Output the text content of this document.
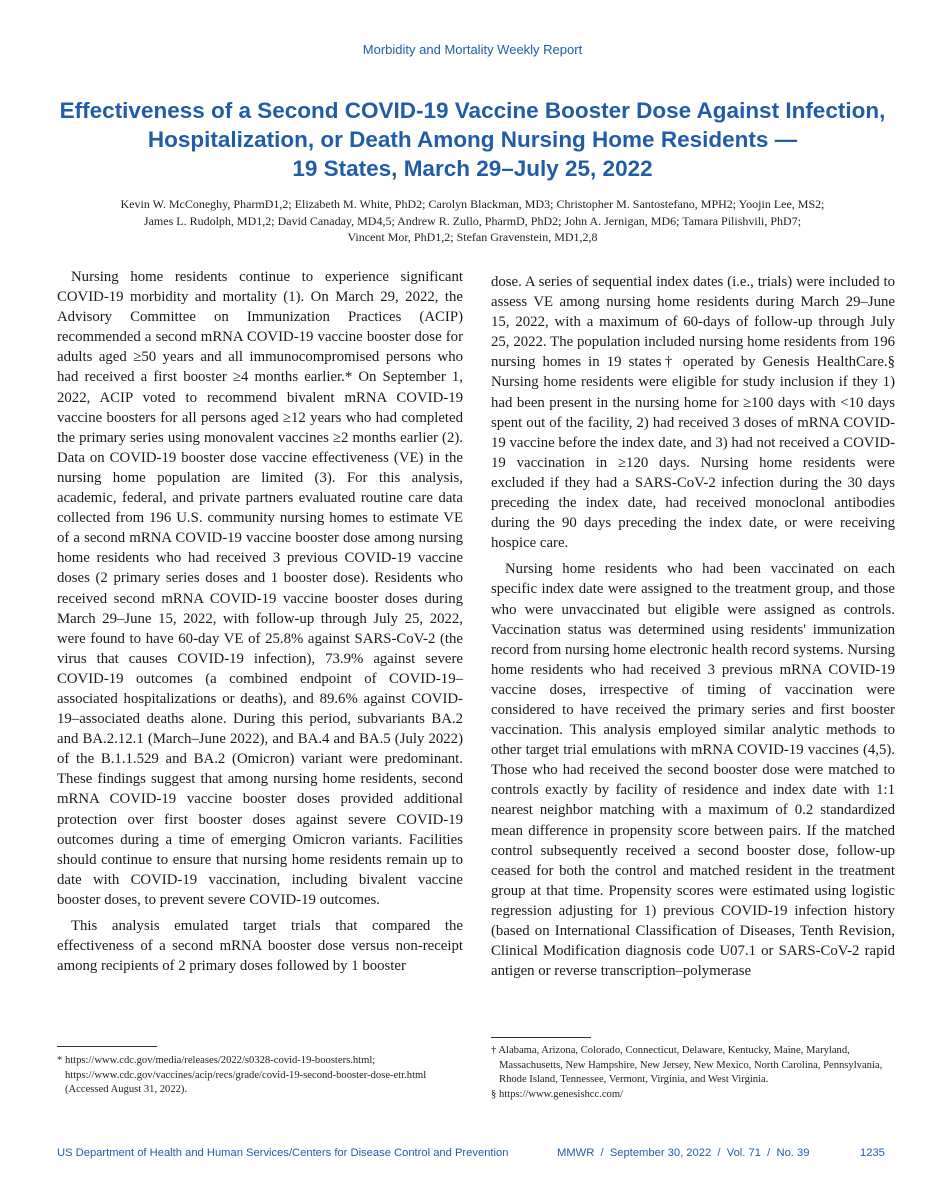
Morbidity and Mortality Weekly Report
Effectiveness of a Second COVID-19 Vaccine Booster Dose Against Infection,
Hospitalization, or Death Among Nursing Home Residents —
19 States, March 29–July 25, 2022
Kevin W. McConeghy, PharmD1,2; Elizabeth M. White, PhD2; Carolyn Blackman, MD3; Christopher M. Santostefano, MPH2; Yoojin Lee, MS2;
James L. Rudolph, MD1,2; David Canaday, MD4,5; Andrew R. Zullo, PharmD, PhD2; John A. Jernigan, MD6; Tamara Pilishvili, PhD7;
Vincent Mor, PhD1,2; Stefan Gravenstein, MD1,2,8

Nursing home residents continue to experience significant COVID-19 morbidity and mortality (1). On March 29, 2022, the Advisory Committee on Immunization Practices (ACIP) recommended a second mRNA COVID-19 vaccine booster dose for adults aged ≥50 years and all immunocompromised persons who had received a first booster ≥4 months earlier.* On September 1, 2022, ACIP voted to recommend bivalent mRNA COVID-19 vaccine boosters for all persons aged ≥12 years who had completed the primary series using monovalent vaccines ≥2 months earlier (2). Data on COVID-19 booster dose vaccine effectiveness (VE) in the nursing home population are limited (3). For this analysis, academic, federal, and private partners evaluated routine care data collected from 196 U.S. community nursing homes to estimate VE of a second mRNA COVID-19 vaccine booster dose among nursing home residents who had received 3 previous COVID-19 vaccine doses (2 primary series doses and 1 booster dose). Residents who received second mRNA COVID-19 vaccine booster doses during March 29–June 15, 2022, with follow-up through July 25, 2022, were found to have 60-day VE of 25.8% against SARS-CoV-2 (the virus that causes COVID-19 infection), 73.9% against severe COVID-19 outcomes (a combined endpoint of COVID-19–associated hospitalizations or deaths), and 89.6% against COVID-19–associated deaths alone. During this period, subvariants BA.2 and BA.2.12.1 (March–June 2022), and BA.4 and BA.5 (July 2022) of the B.1.1.529 and BA.2 (Omicron) variant were predominant. These findings suggest that among nursing home residents, second mRNA COVID-19 vaccine booster doses provided additional protection over first booster doses against severe COVID-19 outcomes during a time of emerging Omicron variants. Facilities should continue to ensure that nursing home residents remain up to date with COVID-19 vaccination, including bivalent vaccine booster doses, to prevent severe COVID-19 outcomes.

This analysis emulated target trials that compared the effectiveness of a second mRNA booster dose versus non-receipt among recipients of 2 primary doses followed by 1 booster

dose. A series of sequential index dates (i.e., trials) were included to assess VE among nursing home residents during March 29–June 15, 2022, with a maximum of 60-days of follow-up through July 25, 2022. The population included nursing home residents from 196 nursing homes in 19 states† operated by Genesis HealthCare.§ Nursing home residents were eligible for study inclusion if they 1) had been present in the nursing home for ≥100 days with <10 days spent out of the facility, 2) had received 3 doses of mRNA COVID-19 vaccine before the index date, and 3) had not received a COVID-19 vaccination in ≥120 days. Nursing home residents were excluded if they had a SARS-CoV-2 infection during the 30 days preceding the index date, had received monoclonal antibodies during the 90 days preceding the index date, or were receiving hospice care.

Nursing home residents who had been vaccinated on each specific index date were assigned to the treatment group, and those who were unvaccinated but eligible were assigned as controls. Vaccination status was determined using residents' immunization record from nursing home electronic health record systems. Nursing home residents who had received 3 previous mRNA COVID-19 vaccine doses, irrespective of timing of vaccination were considered to have received the primary series and first booster vaccination. This analysis employed similar analytic methods to other target trial emulations with mRNA COVID-19 vaccines (4,5). Those who had received the second booster dose were matched to controls exactly by facility of residence and index date with 1:1 nearest neighbor matching with a maximum of 0.2 standardized mean difference in propensity score between pairs. If the matched control subsequently received a second booster dose, follow-up ceased for both the control and matched resident in the treatment group at that time. Propensity scores were estimated using logistic regression adjusting for 1) previous COVID-19 infection history (based on International Classification of Diseases, Tenth Revision, Clinical Modification diagnosis code U07.1 or SARS-CoV-2 rapid antigen or reverse transcription–polymerase

* https://www.cdc.gov/media/releases/2022/s0328-covid-19-boosters.html; https://www.cdc.gov/vaccines/acip/recs/grade/covid-19-second-booster-dose-etr.html (Accessed August 31, 2022).

† Alabama, Arizona, Colorado, Connecticut, Delaware, Kentucky, Maine, Maryland, Massachusetts, New Hampshire, New Jersey, New Mexico, North Carolina, Pennsylvania, Rhode Island, Tennessee, Vermont, Virginia, and West Virginia.

§ https://www.genesishcc.com/

US Department of Health and Human Services/Centers for Disease Control and Prevention	MMWR  /  September 30, 2022  /  Vol. 71  /  No. 39	1235
